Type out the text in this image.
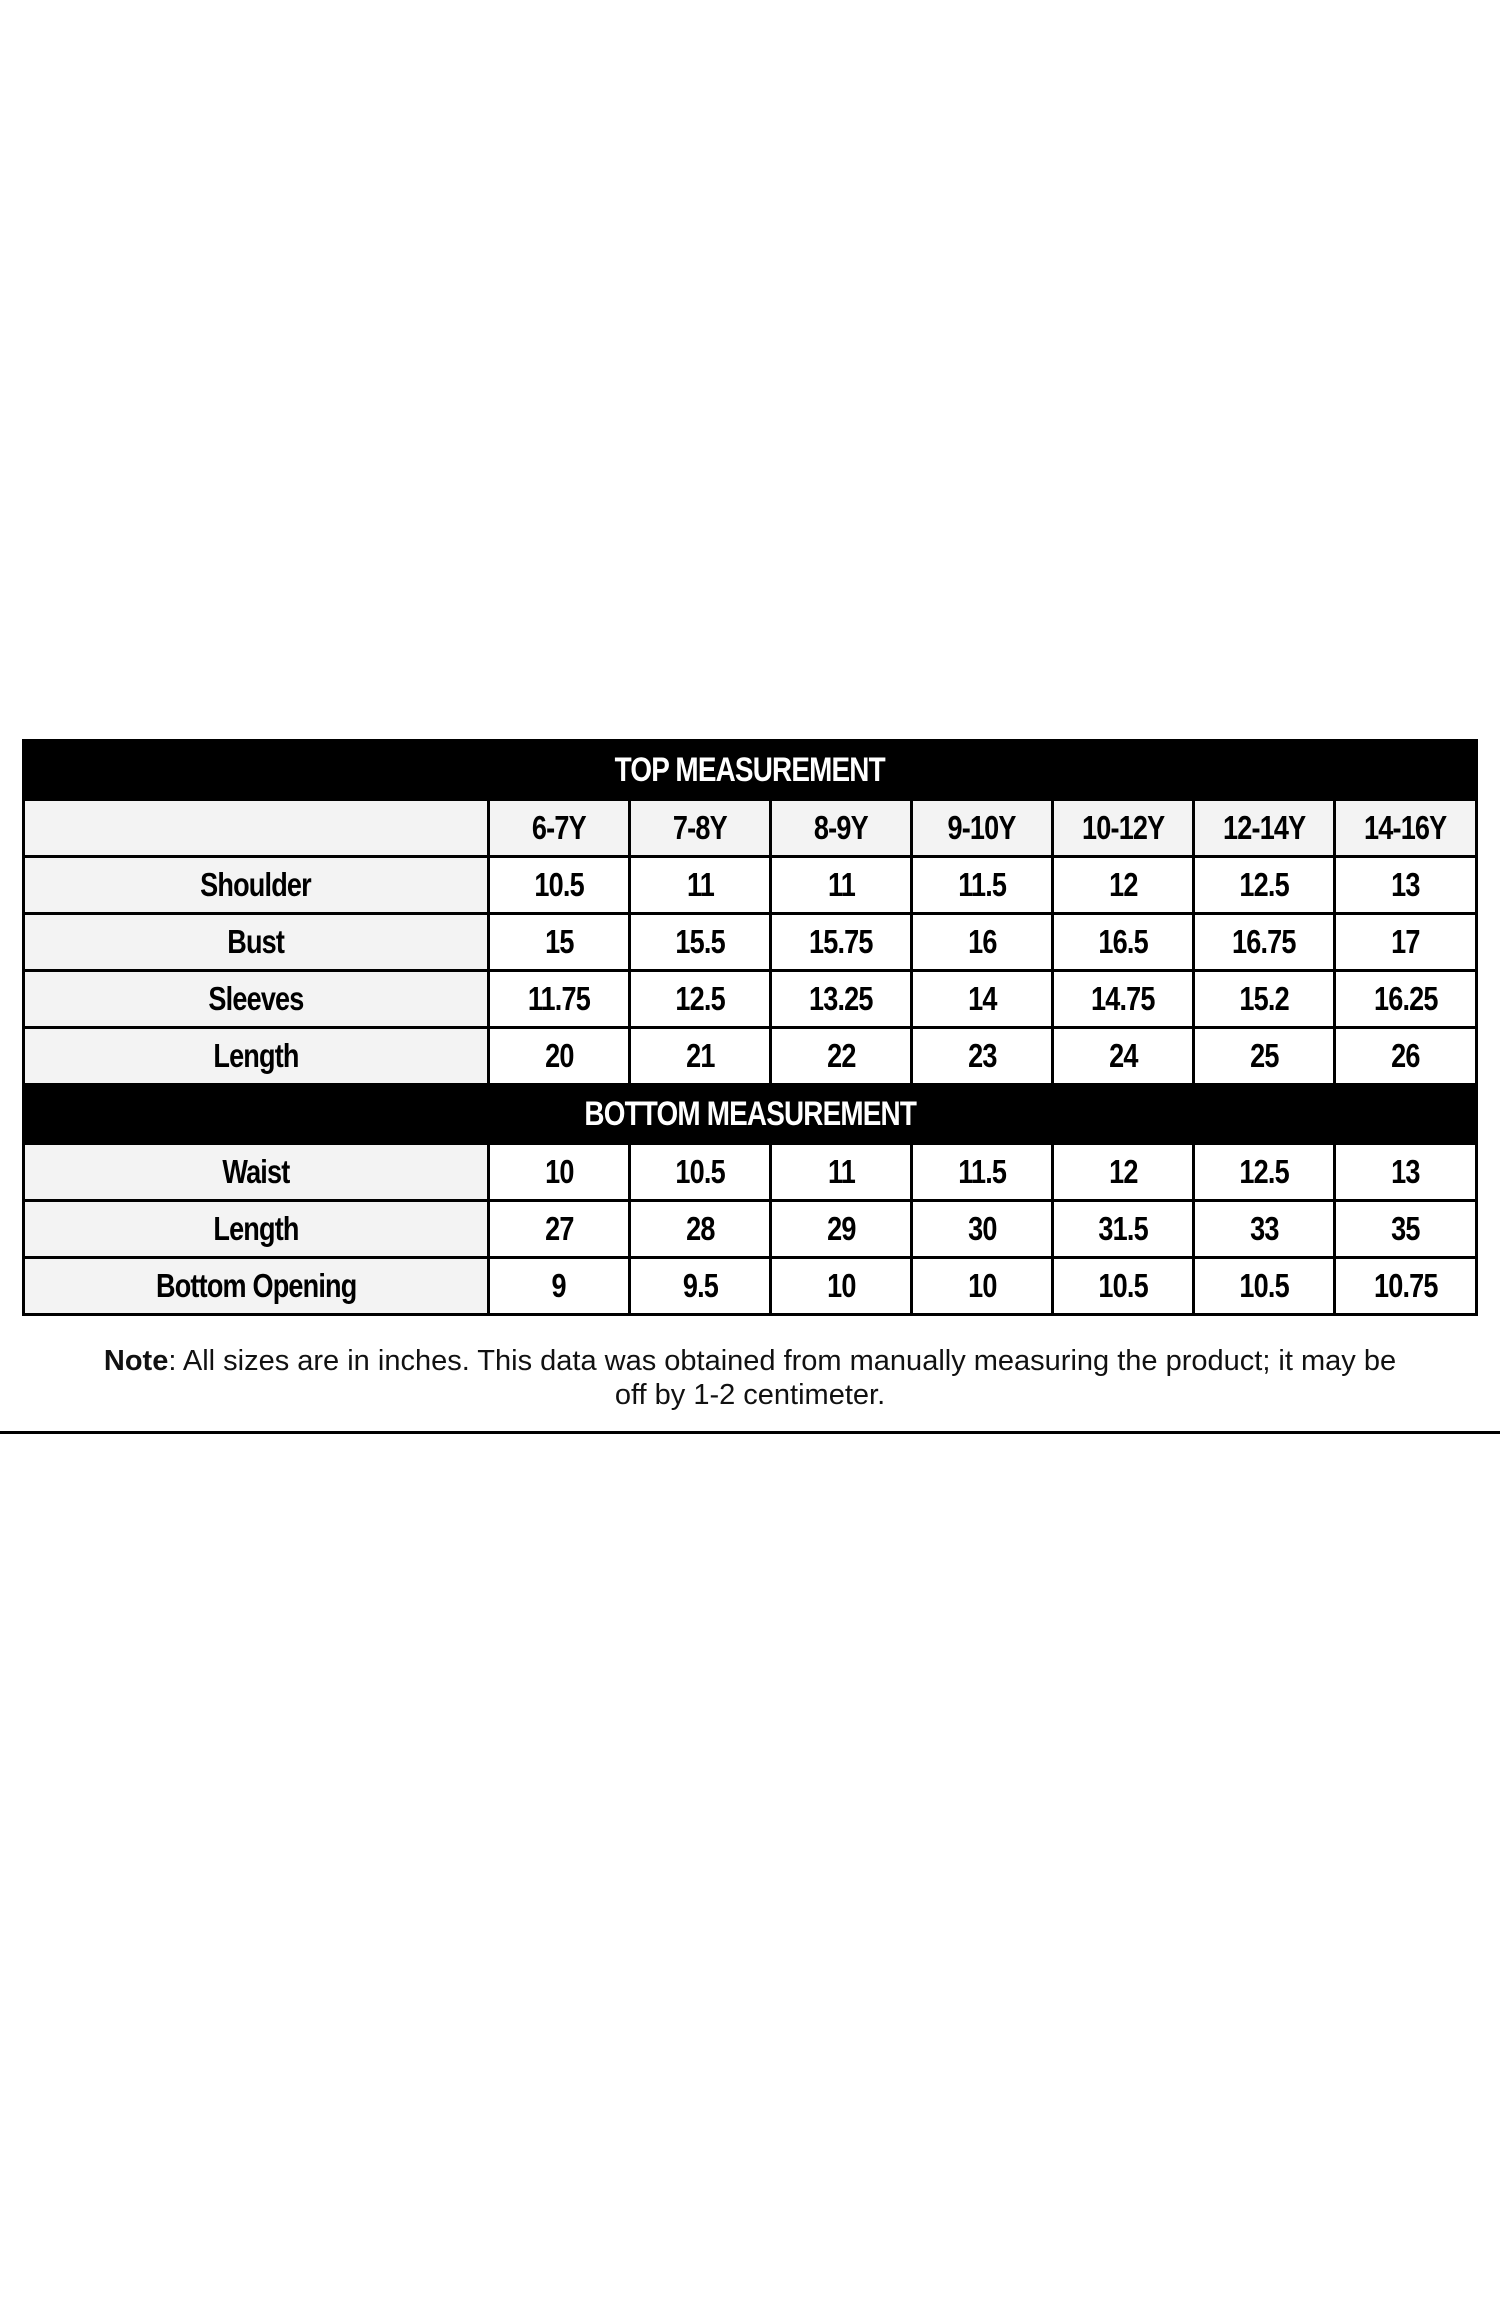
TOP MEASUREMENT							
	6-7Y	7-8Y	8-9Y	9-10Y	10-12Y	12-14Y	14-16Y
Shoulder	10.5	11	11	11.5	12	12.5	13
Bust	15	15.5	15.75	16	16.5	16.75	17
Sleeves	11.75	12.5	13.25	14	14.75	15.2	16.25
Length	20	21	22	23	24	25	26
BOTTOM MEASUREMENT							
Waist	10	10.5	11	11.5	12	12.5	13
Length	27	28	29	30	31.5	33	35
Bottom Opening	9	9.5	10	10	10.5	10.5	10.75
Note: All sizes are in inches. This data was obtained from manually measuring the product; it may be off by 1-2 centimeter.
